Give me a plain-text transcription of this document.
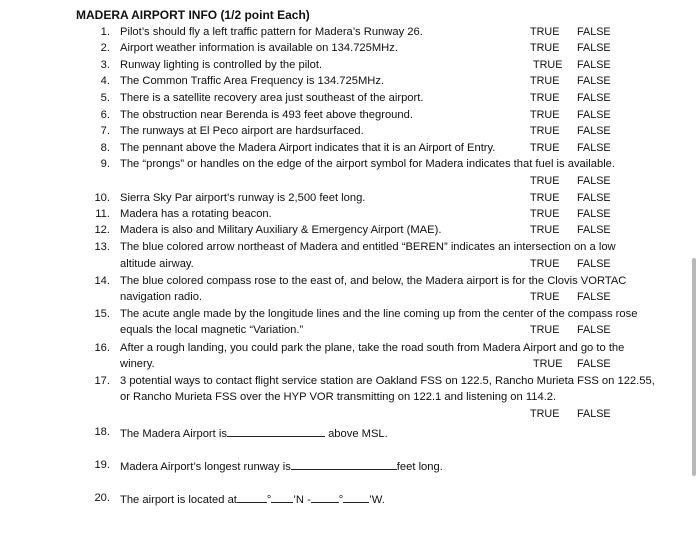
MADERA AIRPORT INFO (1/2 point Each)
1. Pilot’s should fly a left traffic pattern for Madera’s Runway 26.	TRUE FALSE
2. Airport weather information is available on 134.725MHz.	TRUE FALSE
3. Runway lighting is controlled by the pilot.	TRUE FALSE
4. The Common Traffic Area Frequency is 134.725MHz.	TRUE FALSE
5. There is a satellite recovery area just southeast of the airport.	TRUE FALSE
6. The obstruction near Berenda is 493 feet above theground.	TRUE FALSE
7. The runways at El Peco airport are hardsurfaced.	TRUE FALSE
8. The pennant above the Madera Airport indicates that it is an Airport of Entry.	TRUE FALSE
9. The “prongs” or handles on the edge of the airport symbol for Madera indicates that fuel is available.
TRUE FALSE
10. Sierra Sky Par airport’s runway is 2,500 feet long.	TRUE FALSE
11. Madera has a rotating beacon.	TRUE FALSE
12. Madera is also and Military Auxiliary & Emergency Airport (MAE).	TRUE FALSE
13. The blue colored arrow northeast of Madera and entitled “BEREN” indicates an intersection on a low
altitude airway.	TRUE FALSE
14. The blue colored compass rose to the east of, and below, the Madera airport is for the Clovis VORTAC
navigation radio.	TRUE FALSE
15. The acute angle made by the longitude lines and the line coming up from the center of the compass rose
equals the local magnetic “Variation.”	TRUE FALSE
16. After a rough landing, you could park the plane, take the road south from Madera Airport and go to the
winery.	TRUE FALSE
17. 3 potential ways to contact flight service station are Oakland FSS on 122.5, Rancho Murieta FSS on 122.55,
or Rancho Murieta FSS over the HYP VOR transmitting on 122.1 and listening on 114.2.
TRUE FALSE
18. The Madera Airport is	above MSL.
19. Madera Airport’s longest runway is	feet long.
20. The airport is located at	° ’N -	° ’W.
